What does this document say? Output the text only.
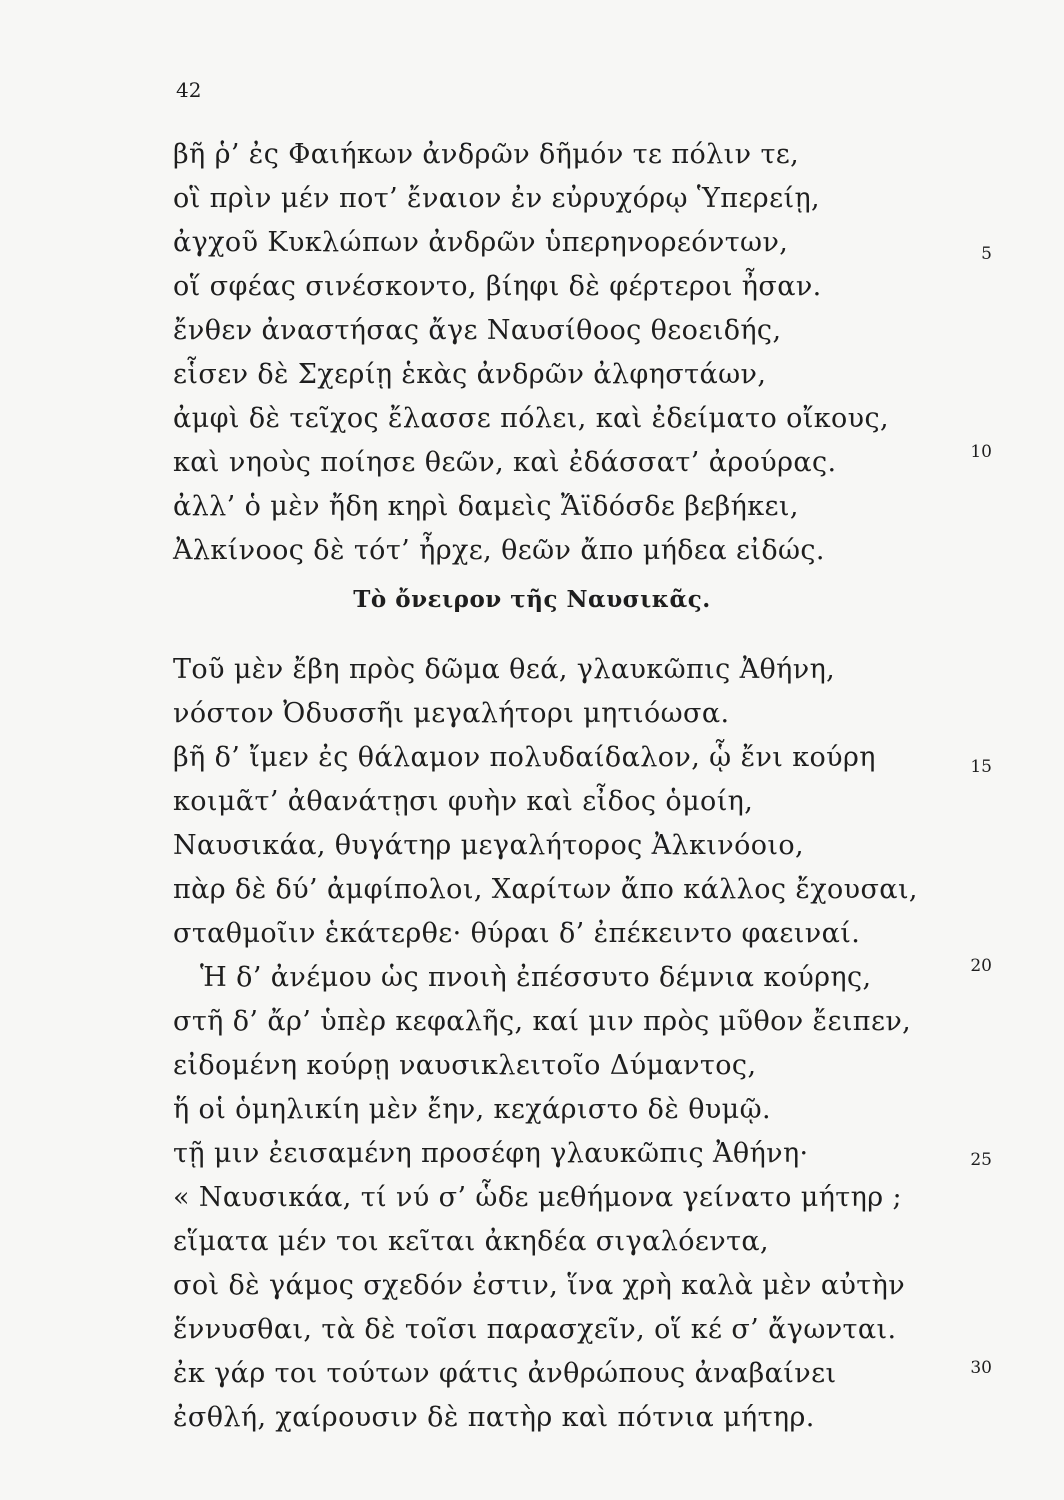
42
βῆ ῥ’ ἐς Φαιήκων ἀνδρῶν δῆμόν τε πόλιν τε,
οἳ πρὶν μέν ποτ’ ἔναιον ἐν εὐρυχόρῳ Ὑπερείῃ,
ἀγχοῦ Κυκλώπων ἀνδρῶν ὑπερηνορεόντων,
οἵ σφέας σινέσκοντο, βίηφι δὲ φέρτεροι ἦσαν.
ἔνθεν ἀναστήσας ἄγε Ναυσίθοος θεοειδής,
εἷσεν δὲ Σχερίῃ ἑκὰς ἀνδρῶν ἀλφηστάων,
ἀμφὶ δὲ τεῖχος ἔλασσε πόλει, καὶ ἐδείματο οἴκους,
καὶ νηοὺς ποίησε θεῶν, καὶ ἐδάσσατ’ ἀρούρας.
ἀλλ’ ὁ μὲν ἤδη κηρὶ δαμεὶς Ἄϊδόσδε βεβήκει,
Ἀλκίνοος δὲ τότ’ ἦρχε, θεῶν ἄπο μήδεα εἰδώς.
Τὸ ὄνειρον τῆς Ναυσικᾶς.
Τοῦ μὲν ἔβη πρὸς δῶμα θεά, γλαυκῶπις Ἀθήνη,
νόστον Ὀδυσσῆι μεγαλήτορι μητιόωσα.
βῆ δ’ ἴμεν ἐς θάλαμον πολυδαίδαλον, ᾧ ἔνι κούρη
κοιμᾶτ’ ἀθανάτῃσι φυὴν καὶ εἶδος ὁμοίη,
Ναυσικάα, θυγάτηρ μεγαλήτορος Ἀλκινόοιο,
πὰρ δὲ δύ’ ἀμφίπολοι, Χαρίτων ἄπο κάλλος ἔχουσαι,
σταθμοῖιν ἑκάτερθε· θύραι δ’ ἐπέκειντο φαειναί.
Ἡ δ’ ἀνέμου ὡς πνοιὴ ἐπέσσυτο δέμνια κούρης,
στῆ δ’ ἄρ’ ὑπὲρ κεφαλῆς, καί μιν πρὸς μῦθον ἔειπεν,
εἰδομένη κούρῃ ναυσικλειτοῖο Δύμαντος,
ἥ οἱ ὁμηλικίη μὲν ἔην, κεχάριστο δὲ θυμῷ.
τῇ μιν ἐεισαμένη προσέφη γλαυκῶπις Ἀθήνη·
« Ναυσικάα, τί νύ σ’ ὧδε μεθήμονα γείνατο μήτηρ ;
εἵματα μέν τοι κεῖται ἀκηδέα σιγαλόεντα,
σοὶ δὲ γάμος σχεδόν ἐστιν, ἵνα χρὴ καλὰ μὲν αὐτὴν
ἕννυσθαι, τὰ δὲ τοῖσι παρασχεῖν, οἵ κέ σ’ ἄγωνται.
ἐκ γάρ τοι τούτων φάτις ἀνθρώπους ἀναβαίνει
ἐσθλή, χαίρουσιν δὲ πατὴρ καὶ πότνια μήτηρ.
5
10
15
20
25
30
